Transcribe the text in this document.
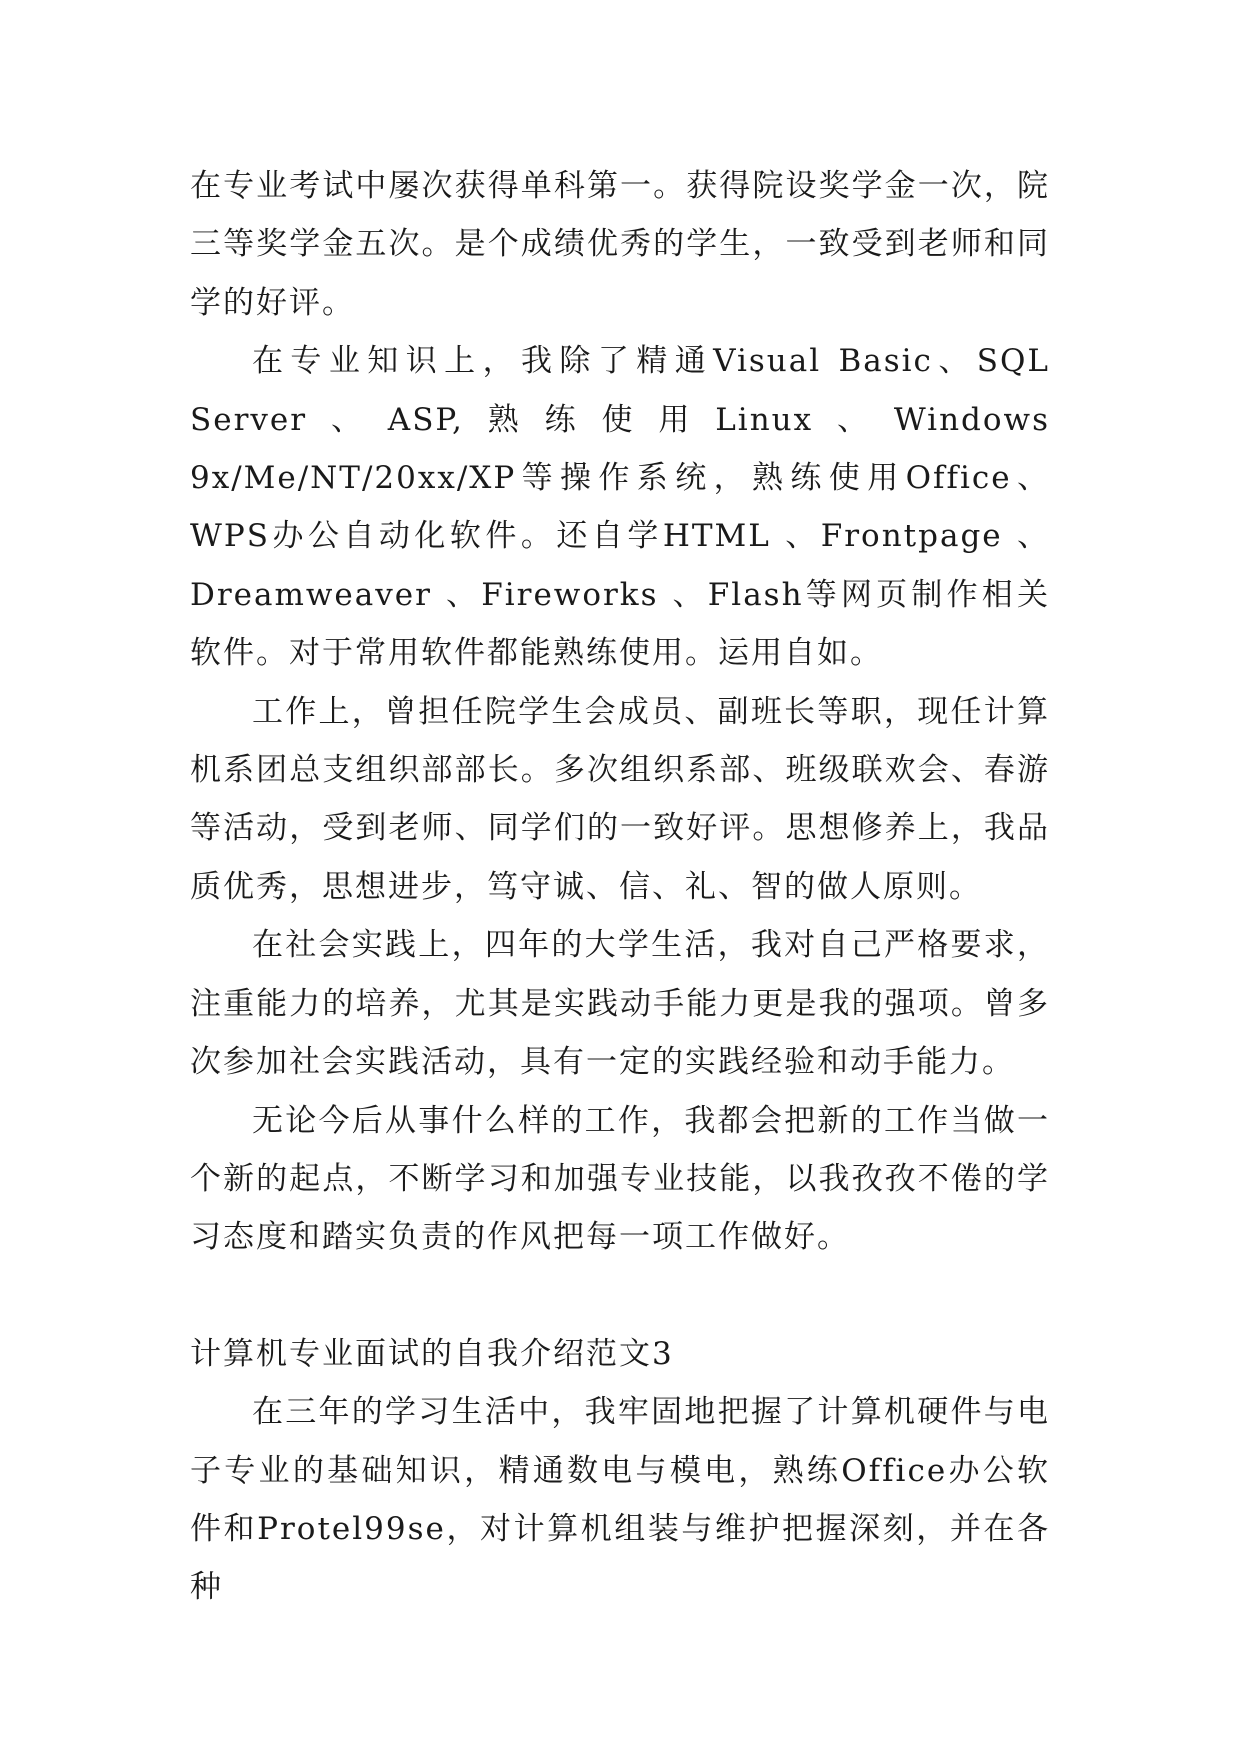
在专业考试中屡次获得单科第一。获得院设奖学金一次，院三等奖学金五次。是个成绩优秀的学生，一致受到老师和同学的好评。

在专业知识上，我除了精通Visual Basic、SQL Server、ASP,熟练使用Linux、Windows 9x/Me/NT/20xx/XP等操作系统，熟练使用Office、WPS办公自动化软件。还自学HTML 、Frontpage 、Dreamweaver 、Fireworks 、Flash等网页制作相关软件。对于常用软件都能熟练使用。运用自如。

工作上，曾担任院学生会成员、副班长等职，现任计算机系团总支组织部部长。多次组织系部、班级联欢会、春游等活动，受到老师、同学们的一致好评。思想修养上，我品质优秀，思想进步，笃守诚、信、礼、智的做人原则。

在社会实践上，四年的大学生活，我对自己严格要求，注重能力的培养，尤其是实践动手能力更是我的强项。曾多次参加社会实践活动，具有一定的实践经验和动手能力。

无论今后从事什么样的工作，我都会把新的工作当做一个新的起点，不断学习和加强专业技能，以我孜孜不倦的学习态度和踏实负责的作风把每一项工作做好。

计算机专业面试的自我介绍范文3

在三年的学习生活中，我牢固地把握了计算机硬件与电子专业的基础知识，精通数电与模电，熟练Office办公软件和Protel99se，对计算机组装与维护把握深刻，并在各种
